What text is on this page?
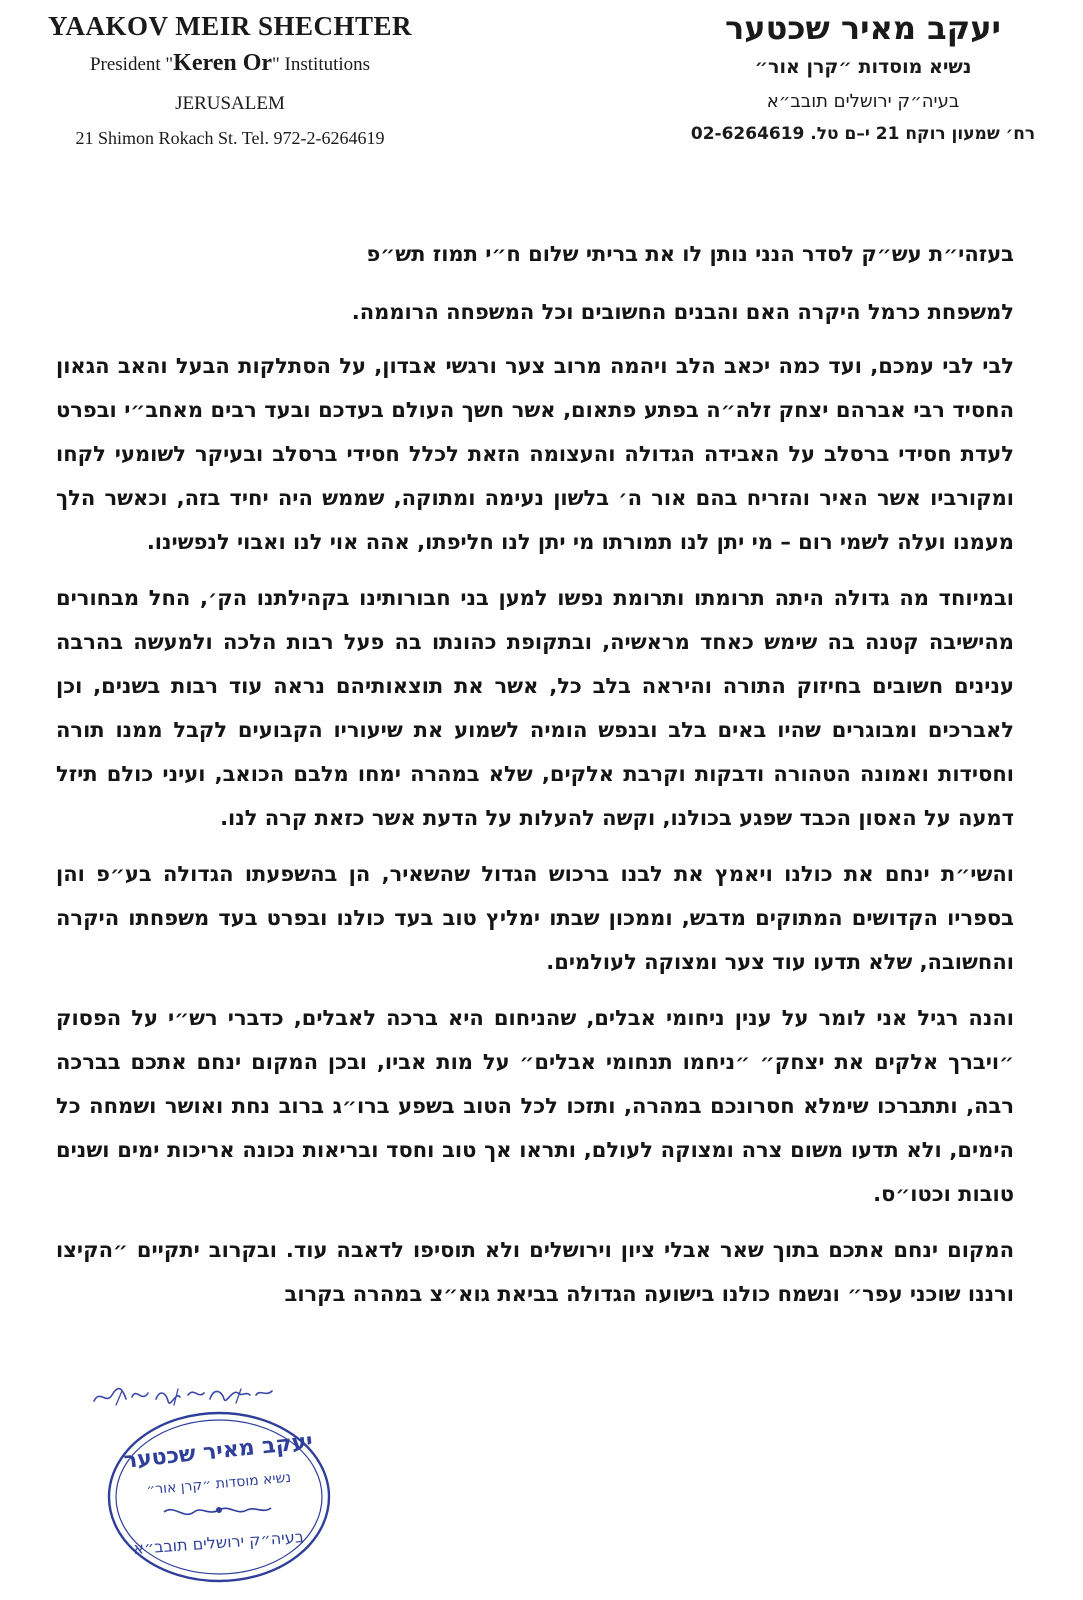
YAAKOV MEIR SHECHTER
President "Keren Or" Institutions
JERUSALEM
21 Shimon Rokach St. Tel. 972-2-6264619
יעקב מאיר שכטער
נשיא מוסדות ״קרן אור״
בעיה״ק ירושלים תובב״א
רח׳ שמעון רוקח 21 י–ם טל. 02-6264619

בעזהי״ת עש״ק לסדר הנני נותן לו את בריתי שלום ח״י תמוז תש״פ

למשפחת כרמל היקרה האם והבנים החשובים וכל המשפחה הרוממה.

לבי לבי עמכם, ועד כמה יכאב הלב ויהמה מרוב צער ורגשי אבדון, על הסתלקות הבעל והאב הגאון החסיד רבי אברהם יצחק זלה״ה בפתע פתאום, אשר חשך העולם בעדכם ובעד רבים מאחב״י ובפרט לעדת חסידי ברסלב על האבידה הגדולה והעצומה הזאת לכלל חסידי ברסלב ובעיקר לשומעי לקחו ומקורביו אשר האיר והזריח בהם אור ה׳ בלשון נעימה ומתוקה, שממש היה יחיד בזה, וכאשר הלך מעמנו ועלה לשמי רום – מי יתן לנו תמורתו מי יתן לנו חליפתו, אהה אוי לנו ואבוי לנפשינו.

ובמיוחד מה גדולה היתה תרומתו ותרומת נפשו למען בני חבורותינו בקהילתנו הק׳, החל מבחורים מהישיבה קטנה בה שימש כאחד מראשיה, ובתקופת כהונתו בה פעל רבות הלכה ולמעשה בהרבה ענינים חשובים בחיזוק התורה והיראה בלב כל, אשר את תוצאותיהם נראה עוד רבות בשנים, וכן לאברכים ומבוגרים שהיו באים בלב ובנפש הומיה לשמוע את שיעוריו הקבועים לקבל ממנו תורה וחסידות ואמונה הטהורה ודבקות וקרבת אלקים, שלא במהרה ימחו מלבם הכואב, ועיני כולם תיזל דמעה על האסון הכבד שפגע בכולנו, וקשה להעלות על הדעת אשר כזאת קרה לנו.

והשי״ת ינחם את כולנו ויאמץ את לבנו ברכוש הגדול שהשאיר, הן בהשפעתו הגדולה בע״פ והן בספריו הקדושים המתוקים מדבש, וממכון שבתו ימליץ טוב בעד כולנו ובפרט בעד משפחתו היקרה והחשובה, שלא תדעו עוד צער ומצוקה לעולמים.

והנה רגיל אני לומר על ענין ניחומי אבלים, שהניחום היא ברכה לאבלים, כדברי רש״י על הפסוק ״ויברך אלקים את יצחק״ ״ניחמו תנחומי אבלים״ על מות אביו, ובכן המקום ינחם אתכם בברכה רבה, ותתברכו שימלא חסרונכם במהרה, ותזכו לכל הטוב בשפע ברו״ג ברוב נחת ואושר ושמחה כל הימים, ולא תדעו משום צרה ומצוקה לעולם, ותראו אך טוב וחסד ובריאות נכונה אריכות ימים ושנים טובות וכטו״ס.

המקום ינחם אתכם בתוך שאר אבלי ציון וירושלים ולא תוסיפו לדאבה עוד. ובקרוב יתקיים ״הקיצו ורננו שוכני עפר״ ונשמח כולנו בישועה הגדולה בביאת גוא״צ במהרה בקרוב

יעקב מאיר שכטער
נשיא מוסדות ״קרן אור״
בעיה״ק ירושלים תובב״א
